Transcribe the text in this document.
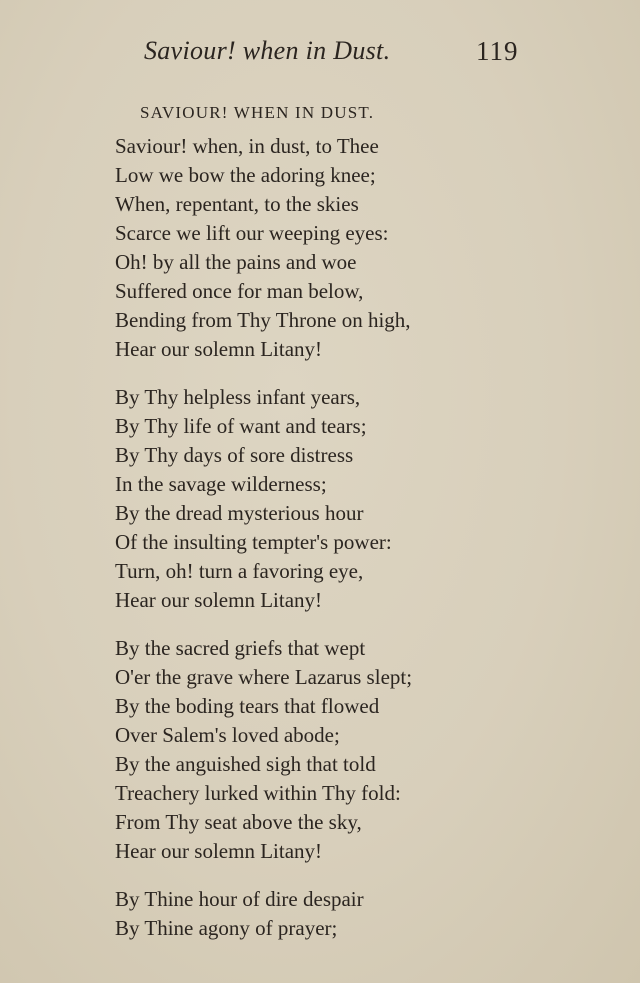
Saviour! when in Dust.	119
SAVIOUR! WHEN IN DUST.
Saviour! when, in dust, to Thee
Low we bow the adoring knee;
When, repentant, to the skies
Scarce we lift our weeping eyes:
Oh! by all the pains and woe
Suffered once for man below,
Bending from Thy Throne on high,
Hear our solemn Litany!
By Thy helpless infant years,
By Thy life of want and tears;
By Thy days of sore distress
In the savage wilderness;
By the dread mysterious hour
Of the insulting tempter's power:
Turn, oh! turn a favoring eye,
Hear our solemn Litany!
By the sacred griefs that wept
O'er the grave where Lazarus slept;
By the boding tears that flowed
Over Salem's loved abode;
By the anguished sigh that told
Treachery lurked within Thy fold:
From Thy seat above the sky,
Hear our solemn Litany!
By Thine hour of dire despair
By Thine agony of prayer;
